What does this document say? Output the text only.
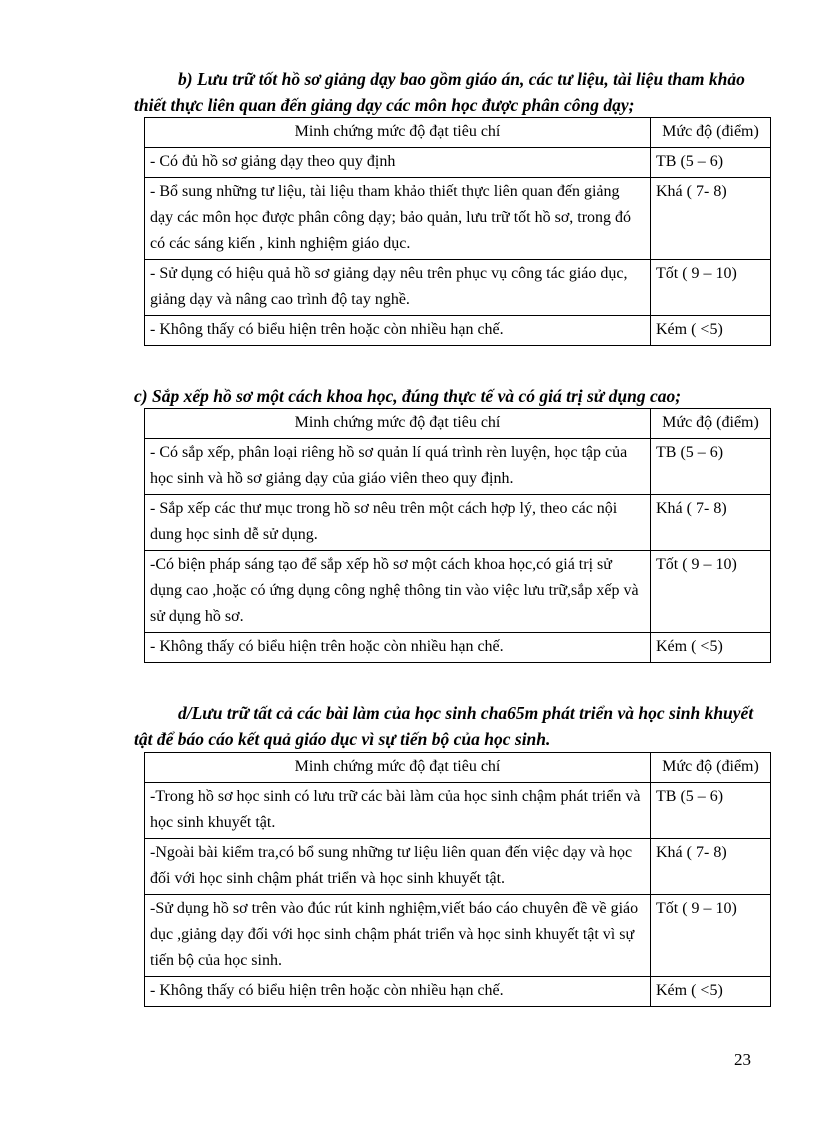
b) Lưu trữ tốt hồ sơ giảng dạy bao gồm giáo án, các tư liệu, tài liệu tham khảo thiết thực liên quan đến giảng dạy các môn học được phân công dạy;

Minh chứng mức độ đạt tiêu chí	Mức độ (điểm)
- Có đủ hồ sơ giảng dạy theo quy định	TB (5 – 6)
- Bổ sung những tư liệu, tài liệu tham khảo thiết thực liên quan đến giảng dạy các môn học được phân công dạy; bảo quản, lưu trữ tốt hồ sơ, trong đó có các sáng kiến , kinh nghiệm giáo dục.	Khá ( 7- 8)
- Sử dụng có hiệu quả hồ sơ giảng dạy nêu trên phục vụ công tác giáo dục, giảng dạy và nâng cao trình độ tay nghề.	Tốt ( 9 – 10)
- Không thấy có biểu hiện trên hoặc còn nhiều hạn chế.	Kém ( <5)

c) Sắp xếp hồ sơ một cách khoa học, đúng thực tế và có giá trị sử dụng cao;

Minh chứng mức độ đạt tiêu chí	Mức độ (điểm)
- Có sắp xếp, phân loại riêng hồ sơ quản lí quá trình rèn luyện, học tập của học sinh và hồ sơ giảng dạy của giáo viên theo quy định.	TB (5 – 6)
- Sắp xếp các thư mục trong hồ sơ nêu trên một cách hợp lý, theo các nội dung học sinh dễ sử dụng.	Khá ( 7- 8)
-Có biện pháp sáng tạo để sắp xếp hồ sơ một cách khoa học,có giá trị sử dụng cao ,hoặc có ứng dụng công nghệ thông tin vào việc lưu trữ,sắp xếp và sử dụng hồ sơ.	Tốt ( 9 – 10)
- Không thấy có biểu hiện trên hoặc còn nhiều hạn chế.	Kém ( <5)

d/Lưu trữ tất cả các bài làm của học sinh cha65m phát triển và học sinh khuyết tật để báo cáo kết quả giáo dục vì sự tiến bộ của học sinh.

Minh chứng mức độ đạt tiêu chí	Mức độ (điểm)
-Trong hồ sơ học sinh có lưu trữ các bài làm của học sinh chậm phát triển và học sinh khuyết tật.	TB (5 – 6)
-Ngoài bài kiểm tra,có bổ sung những tư liệu liên quan đến việc dạy và học đối với học sinh chậm phát triển và học sinh khuyết tật.	Khá ( 7- 8)
-Sử dụng hồ sơ trên vào đúc rút kinh nghiệm,viết báo cáo chuyên đề về giáo dục ,giảng dạy đối với học sinh chậm phát triển và học sinh khuyết tật vì sự tiến bộ của học sinh.	Tốt ( 9 – 10)
- Không thấy có biểu hiện trên hoặc còn nhiều hạn chế.	Kém ( <5)
23
